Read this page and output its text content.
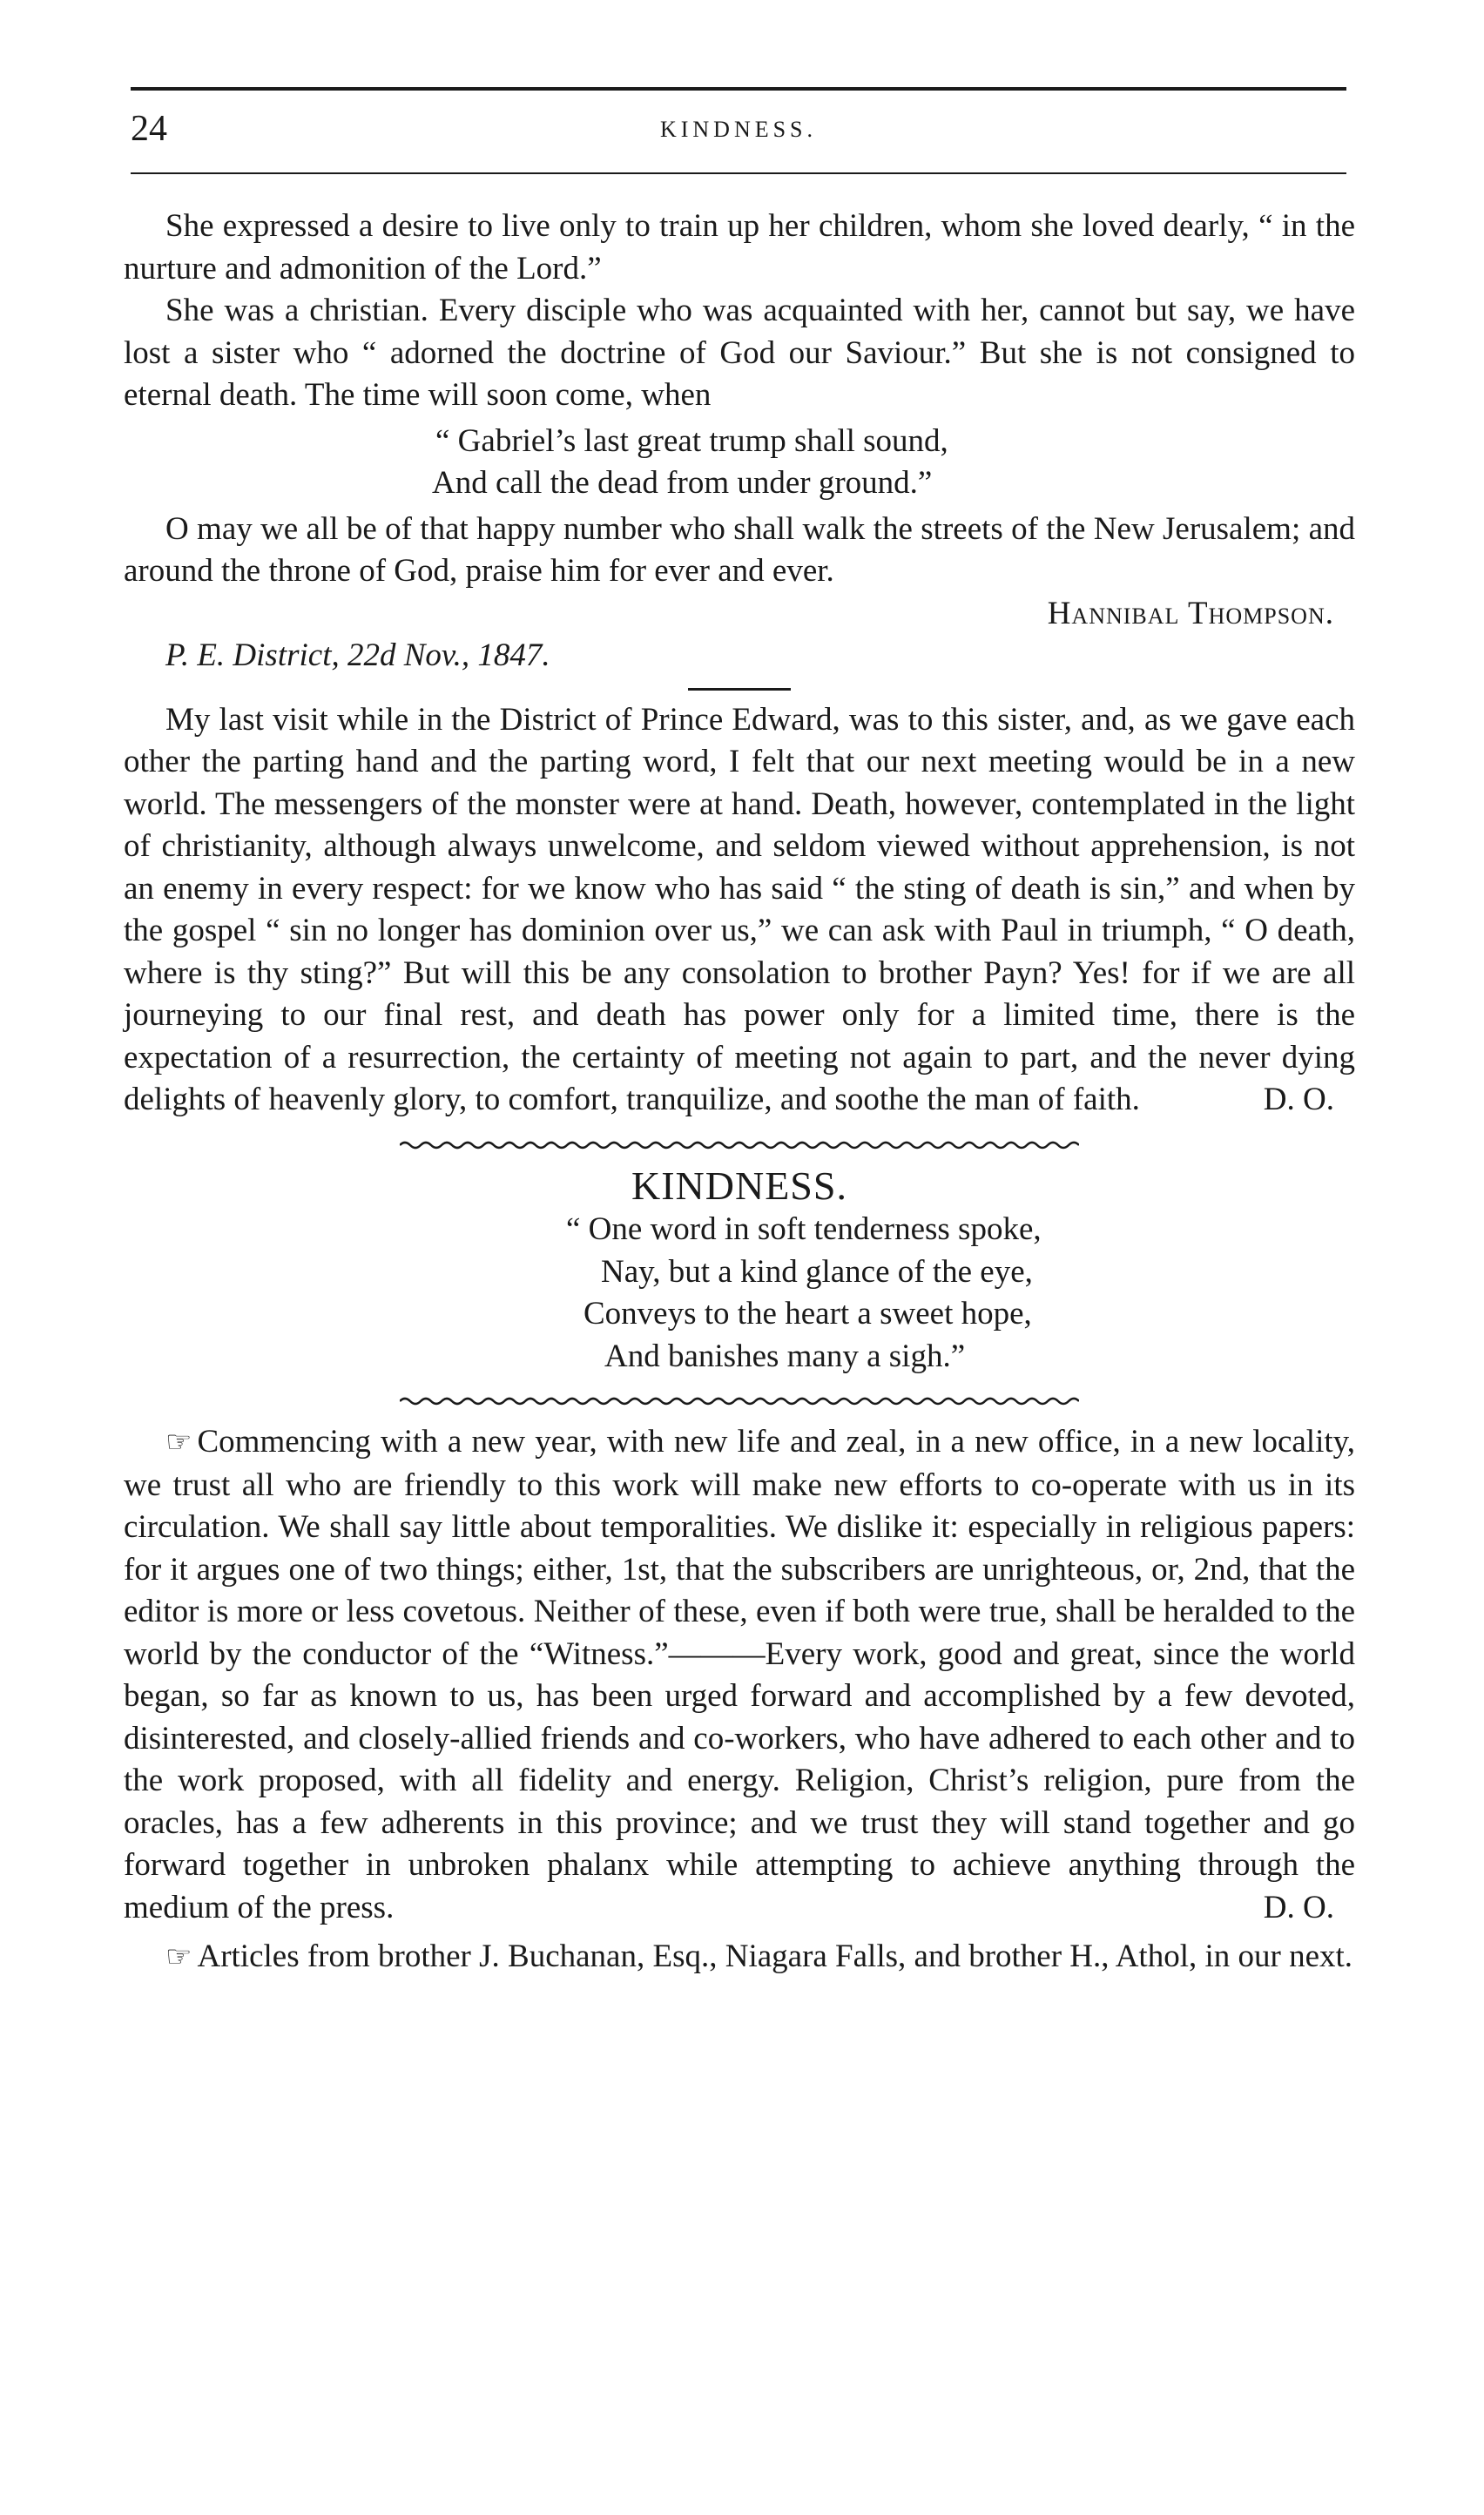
24	KINDNESS.

She expressed a desire to live only to train up her children, whom she loved dearly, “ in the nurture and admonition of the Lord.”

She was a christian. Every disciple who was acquainted with her, cannot but say, we have lost a sister who “ adorned the doctrine of God our Saviour.” But she is not consigned to eternal death. The time will soon come, when

“ Gabriel’s last great trump shall sound,

And call the dead from under ground.”

O may we all be of that happy number who shall walk the streets of the New Jerusalem; and around the throne of God, praise him for ever and ever.

Hannibal Thompson.

P. E. District, 22d Nov., 1847.

My last visit while in the District of Prince Edward, was to this sister, and, as we gave each other the parting hand and the parting word, I felt that our next meeting would be in a new world. The messengers of the monster were at hand. Death, however, contemplated in the light of christianity, although always unwelcome, and seldom viewed without apprehension, is not an enemy in every respect: for we know who has said “ the sting of death is sin,” and when by the gospel “ sin no longer has dominion over us,” we can ask with Paul in triumph, “ O death, where is thy sting?” But will this be any consolation to brother Payn? Yes! for if we are all journeying to our final rest, and death has power only for a limited time, there is the expectation of a resurrection, the certainty of meeting not again to part, and the never dying delights of heavenly glory, to comfort, tranquilize, and soothe the man of faith.	D. O.

KINDNESS.

“ One word in soft tenderness spoke,

Nay, but a kind glance of the eye,

Conveys to the heart a sweet hope,

And banishes many a sigh.”

☞ Commencing with a new year, with new life and zeal, in a new office, in a new locality, we trust all who are friendly to this work will make new efforts to co-operate with us in its circulation. We shall say little about temporalities. We dislike it: especially in religious papers: for it argues one of two things; either, 1st, that the subscribers are unrighteous, or, 2nd, that the editor is more or less covetous. Neither of these, even if both were true, shall be heralded to the world by the conductor of the “Witness.”———Every work, good and great, since the world began, so far as known to us, has been urged forward and accomplished by a few devoted, disinterested, and closely-allied friends and co-workers, who have adhered to each other and to the work proposed, with all fidelity and energy. Religion, Christ’s religion, pure from the oracles, has a few adherents in this province; and we trust they will stand together and go forward together in unbroken phalanx while attempting to achieve anything through the medium of the press.	D. O.

☞ Articles from brother J. Buchanan, Esq., Niagara Falls, and brother H., Athol, in our next.
